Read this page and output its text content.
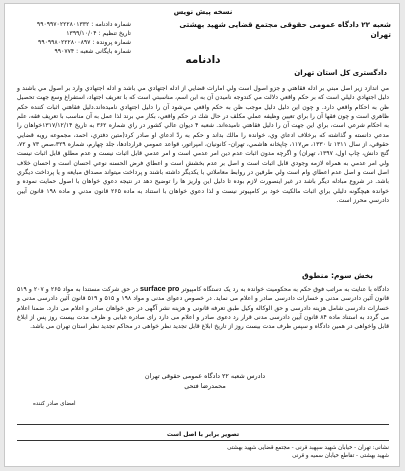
نسخه پیش نویس
شماره دادنامه : ۹۹۰۹۹۷۰۲۲۲۸۰۱۳۳۲
تاریخ تنظیم : ۱۳۹۹/۱۰/۰۴
شماره پرونده : ۹۹۰۹۹۸۰۲۲۲۸۰۰۸۹۷
شماره بایگانی شعبه : ۹۹۰۷۷۴
شعبه ۲۲ دادگاه عمومی حقوقی مجتمع قضایی شهید بهشتی
تهران
دادنامه
دادگستری کل استان تهران
مي اندازد زير اصل مبني بر ادله فقاهتي و جزو اصول است ولي امارات قضايي از ادله اجتهادي مي باشد و ادله اجتهادي وارد بر اصول مي باشند و دليل اجتهادي دليلي است كه بر حكم واقعي دلالت مي كندوجه ناميدن آن به اين اسم، مناسبتي است كه با تعريف اجتهاد، استفراغ وسع جهت تحصيل ظن به احكام واقعي دارد. و چون اين دليل دليل موجب ظن به حكم واقعي مي‌شود آن را دليل اجتهادي ناميده‌اند.دليل فقاهتي اثبات كننده حكم ظاهري است و چون فقها آن را براي تعيين وظيفه عملي مكلف در حال شك در حكم واقعي، بكار مي برند لذا عمل به آن مناسب با تعريف فقه، علم به احكام شرعي است، براي اين جهت آن را دليل فقاهتي ناميده‌اند. شعبه ۴ ديوان عالي كشور در راي شماره ۳۶۲ به تاريخ ۱۳۱۷/۱۲/۱۴خواهان را مدعي دانسته و گذاشته كه برخلاف ادعاي وي، خوانده را مالك بداند و حكم به ردّ ادعاي او صادر كرد(متين دفتري، احمد، مجموعه رويه قضايي حقوقي، از سال ۱۳۱۱ تا ۱۳۳۰، ص۱۱۷، چاپخانه هاشمي، تهران- كانونيان، امپراتور، قواعد عمومي قراردادها، جلد چهارم، شماره ۳۲۹،صص ۷۳ و ۷۲، گنج دانش، چاپ اول، ۱۳۹۷، تهران) و اگرچه مدون اثبات عدم دين امر عدمي است و امر عدمي قابل اثبات نيست و عدم مطلق قابل اثبات نيست ولي امر عدمي به همراه لازمه وجودي قابل اثبات است و اصل بر عدم بخشش است و اعطاي فرض الحسنه نوعي احسان است و احسان خلاف اصل است و اصل عدم اعطاي وام است ولي طرفين در روابط معاملاتي با يكديگر داشته باشند و پرداخت ميتواند مصداق مبايعه و يا پرداخت ديگري باشد. در شروع مبادله ديگر باشد در غير اينصورت لازم بوده تا دليل اين واريز ها را توضيح دهد در نتيجه دعوي خواهان با اصول حمايت نموده و خوانده هيچگونه دليلي براي اثبات مالكيت خود بر كامپيوتر نيست و لذا دعوي خواهان با استناد به ماده ۲۶۵ قانون مدني و ماده ۱۹۸ قانون آيين دادرسي محرز است.
بخش سوم: منطوق
دادگاه با عنایت به مراتب فوق حکم به محکومیت خوانده به رد یک دستگاه کامپیوتر surface pro در حق شرکت مستندا به مواد ۲۶۵ و ۲۰۷ و ۵۱۹ قانون آئین دادرسی مدنی و خسارات دادرسی صادر و اعلام می نماید. در خصوص دعوای مدنی و مواد ۱۹۸ و ۵۱۵ و ۵۱۹ قانون آئین دادرسی مدنی و خسارات دادرسی شامل هزینه دادرسی و حق الوکاله وکیل طبق تعرفه قانونی و هزینه نشر آگهی در حق خواهان صادر و اعلام می دارد. ضمنا اعلام می گردد به استناد ماده ۸۴ قانون آیین دادرسی مدنی قرار رد دعوی صادر و اعلام می دارد رای صادره غیابی و ظرف مدت بیست روز پس از ابلاغ قابل واخواهی در همین دادگاه و سپس ظرف مدت بیست روز از تاریخ ابلاغ قابل تجدید نظر خواهی در محاکم تجدید نظر استان تهران می باشد.
دادرس شعبه ۲۲ دادگاه عمومی حقوقی تهران
محمدرضا فتحی
امضای صادر کننده
تصویر برابر با اصل است
نشانی: تهران - خیابان شهید سپهبد قرنی - مجتمع قضایی شهید بهشتی
شهید بهشتی - تقاطع خیابان سمیه و قرنی
